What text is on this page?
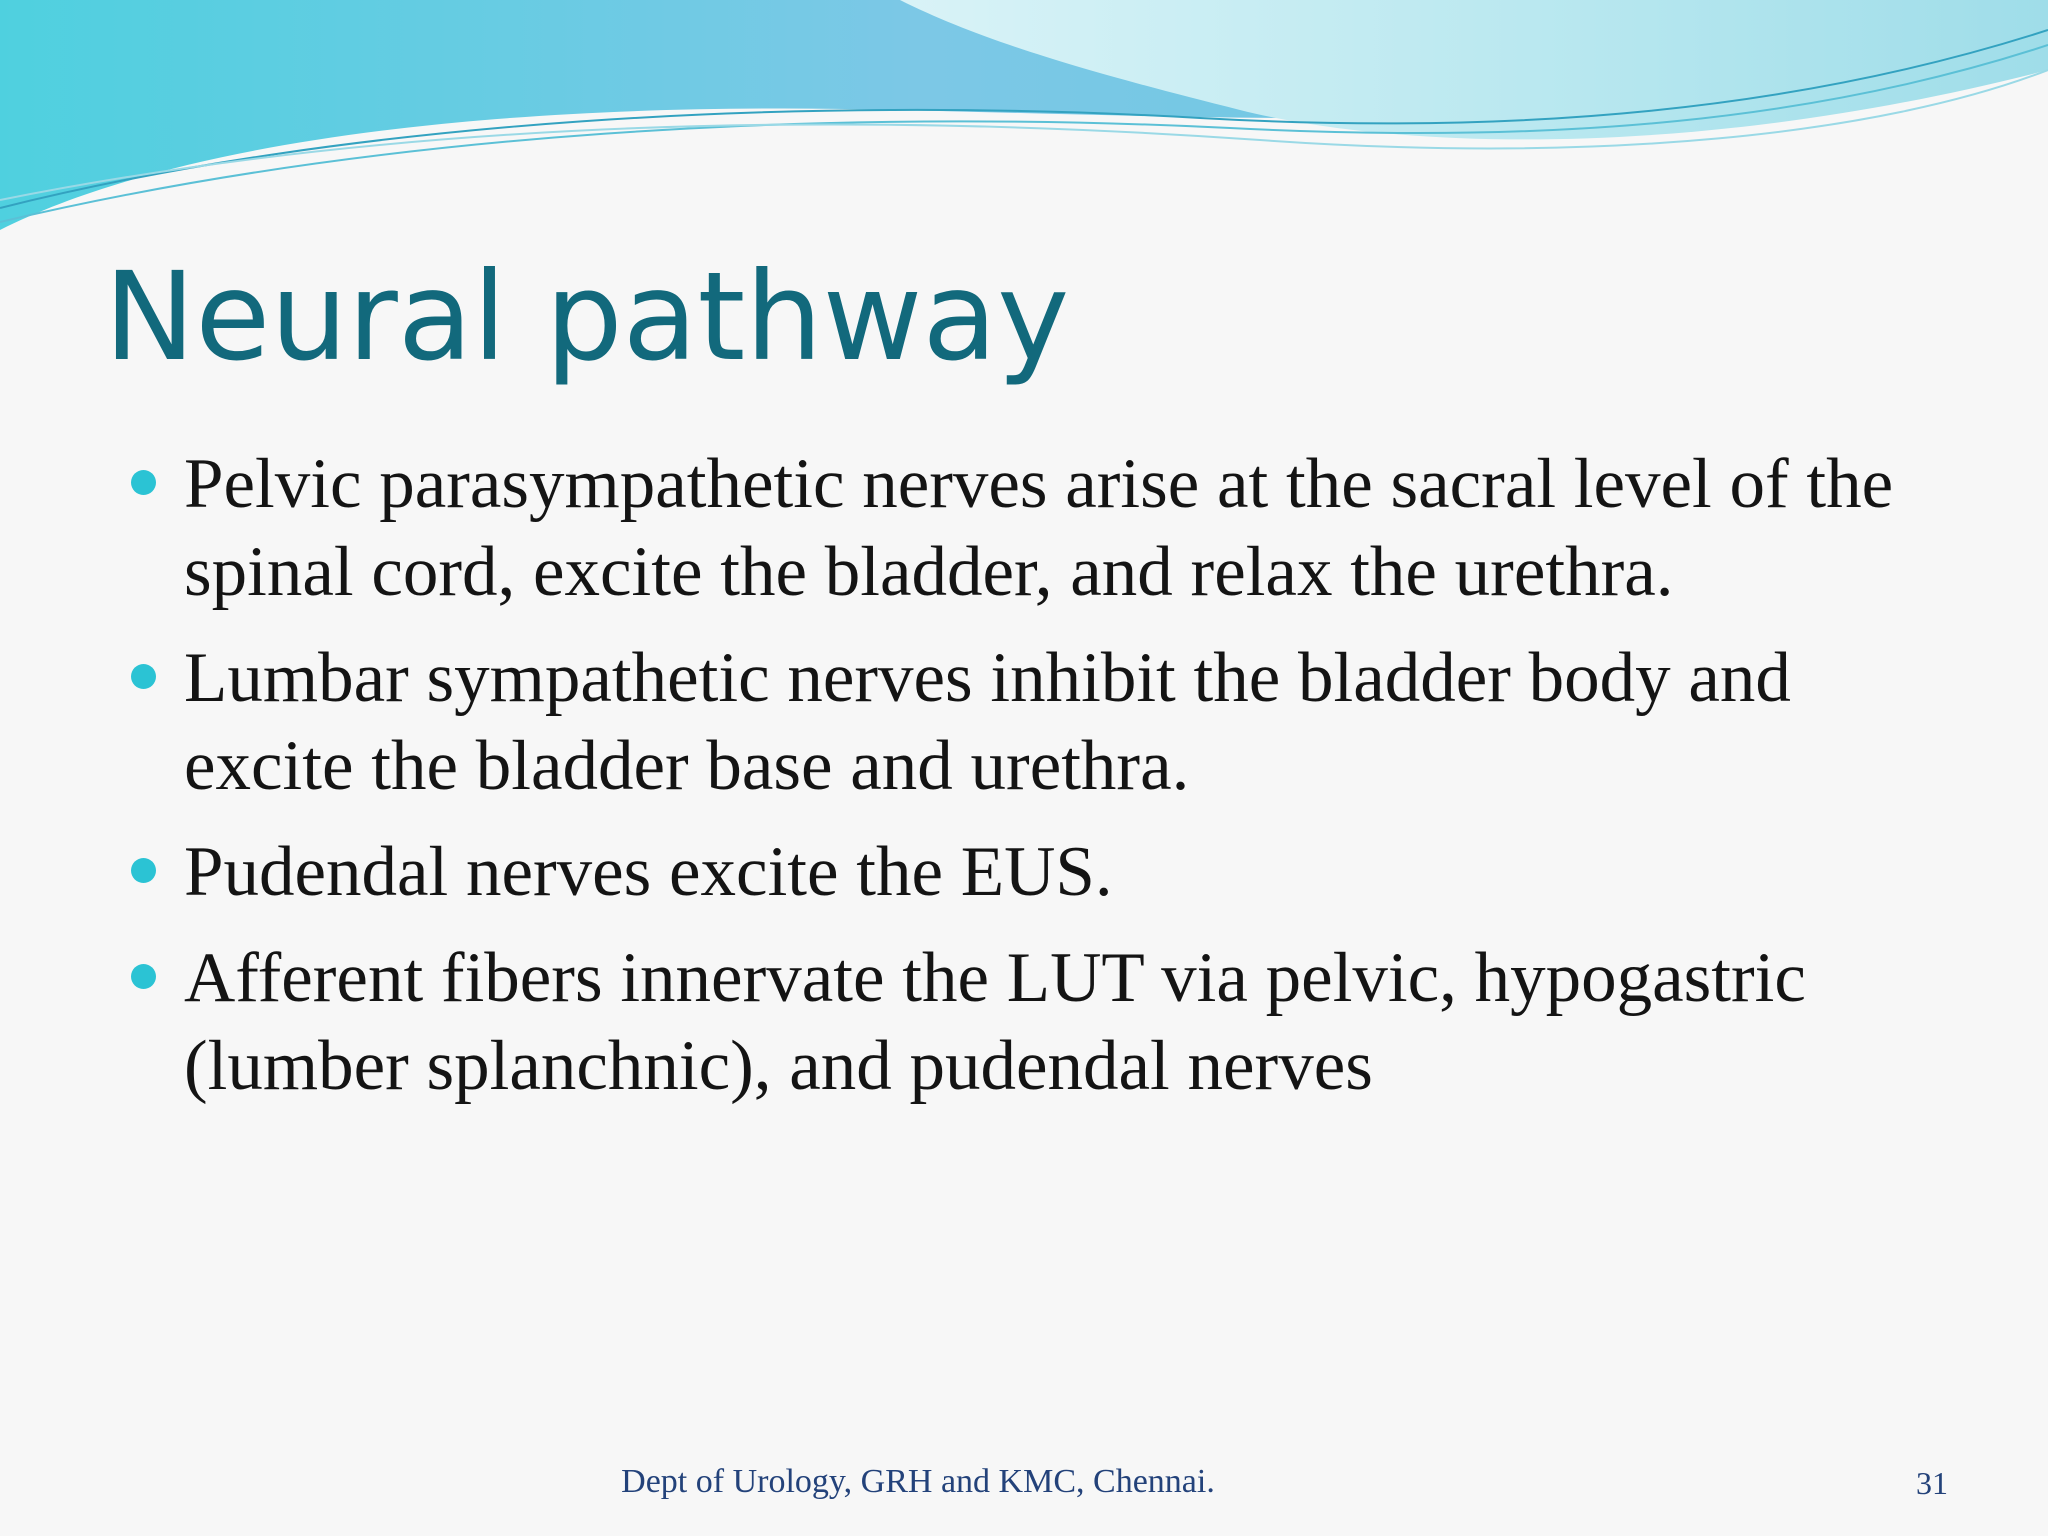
Neural pathway
Pelvic parasympathetic nerves arise at the sacral level of the spinal cord, excite the bladder, and relax the urethra.
Lumbar sympathetic nerves inhibit the bladder body and excite the bladder base and urethra.
Pudendal nerves excite the EUS.
Afferent fibers innervate the LUT via pelvic, hypogastric (lumber splanchnic), and pudendal nerves
Dept of Urology, GRH and KMC, Chennai.	31
